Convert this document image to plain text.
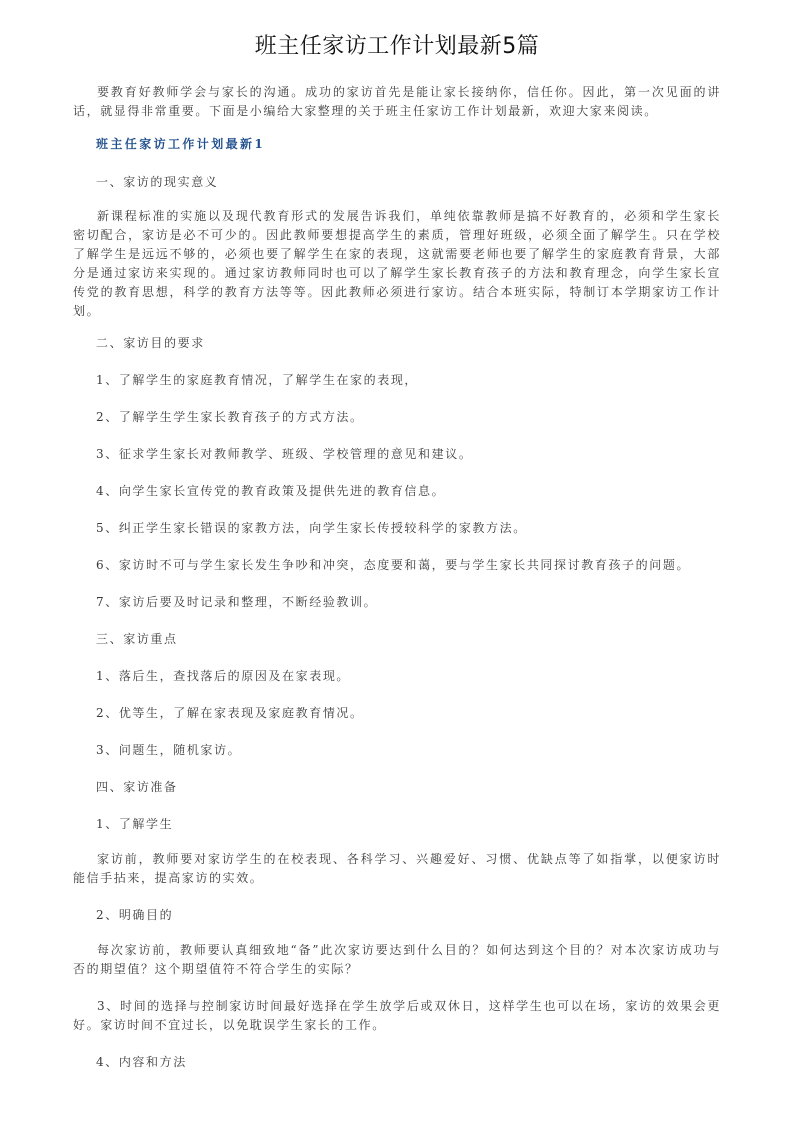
班主任家访工作计划最新5篇
要教育好教师学会与家长的沟通。成功的家访首先是能让家长接纳你，信任你。因此，第一次见面的讲话，就显得非常重要。下面是小编给大家整理的关于班主任家访工作计划最新，欢迎大家来阅读。
班主任家访工作计划最新1
一、家访的现实意义
新课程标准的实施以及现代教育形式的发展告诉我们，单纯依靠教师是搞不好教育的，必须和学生家长密切配合，家访是必不可少的。因此教师要想提高学生的素质，管理好班级，必须全面了解学生。只在学校了解学生是远远不够的，必须也要了解学生在家的表现，这就需要老师也要了解学生的家庭教育背景，大部分是通过家访来实现的。通过家访教师同时也可以了解学生家长教育孩子的方法和教育理念，向学生家长宣传党的教育思想，科学的教育方法等等。因此教师必须进行家访。结合本班实际，特制订本学期家访工作计划。
二、家访目的要求
1、了解学生的家庭教育情况，了解学生在家的表现，
2、了解学生学生家长教育孩子的方式方法。
3、征求学生家长对教师教学、班级、学校管理的意见和建议。
4、向学生家长宣传党的教育政策及提供先进的教育信息。
5、纠正学生家长错误的家教方法，向学生家长传授较科学的家教方法。
6、家访时不可与学生家长发生争吵和冲突，态度要和蔼，要与学生家长共同探讨教育孩子的问题。
7、家访后要及时记录和整理，不断经验教训。
三、家访重点
1、落后生，查找落后的原因及在家表现。
2、优等生，了解在家表现及家庭教育情况。
3、问题生，随机家访。
四、家访准备
1、了解学生
家访前，教师要对家访学生的在校表现、各科学习、兴趣爱好、习惯、优缺点等了如指掌，以便家访时能信手拈来，提高家访的实效。
2、明确目的
每次家访前，教师要认真细致地“备”此次家访要达到什么目的？如何达到这个目的？对本次家访成功与否的期望值？这个期望值符不符合学生的实际？
3、时间的选择与控制家访时间最好选择在学生放学后或双休日，这样学生也可以在场，家访的效果会更好。家访时间不宜过长，以免耽误学生家长的工作。
4、内容和方法
